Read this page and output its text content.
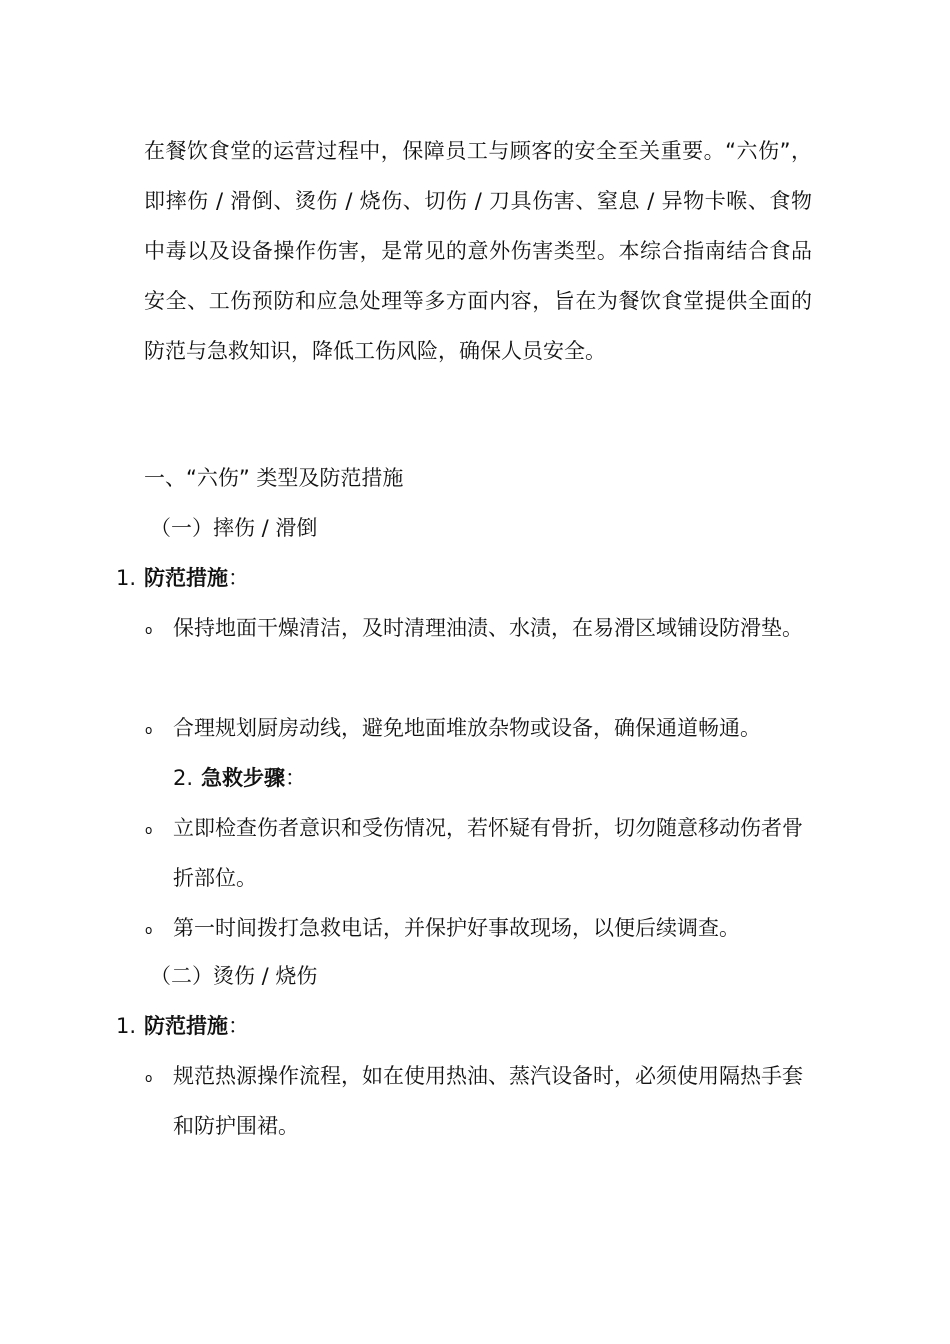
在餐饮食堂的运营过程中，保障员工与顾客的安全至关重要。“六伤”，即摔伤 / 滑倒、烫伤 / 烧伤、切伤 / 刀具伤害、窒息 / 异物卡喉、食物中毒以及设备操作伤害，是常见的意外伤害类型。本综合指南结合食品安全、工伤预防和应急处理等多方面内容，旨在为餐饮食堂提供全面的防范与急救知识，降低工伤风险，确保人员安全。

一、“六伤” 类型及防范措施
（一）摔伤 / 滑倒
1. 防范措施：
o 保持地面干燥清洁，及时清理油渍、水渍，在易滑区域铺设防滑垫。

o 合理规划厨房动线，避免地面堆放杂物或设备，确保通道畅通。

2. 急救步骤：
o 立即检查伤者意识和受伤情况，若怀疑有骨折，切勿随意移动伤者骨折部位。

o 第一时间拨打急救电话，并保护好事故现场，以便后续调查。

（二）烫伤 / 烧伤
1. 防范措施：
o 规范热源操作流程，如在使用热油、蒸汽设备时，必须使用隔热手套和防护围裙。
